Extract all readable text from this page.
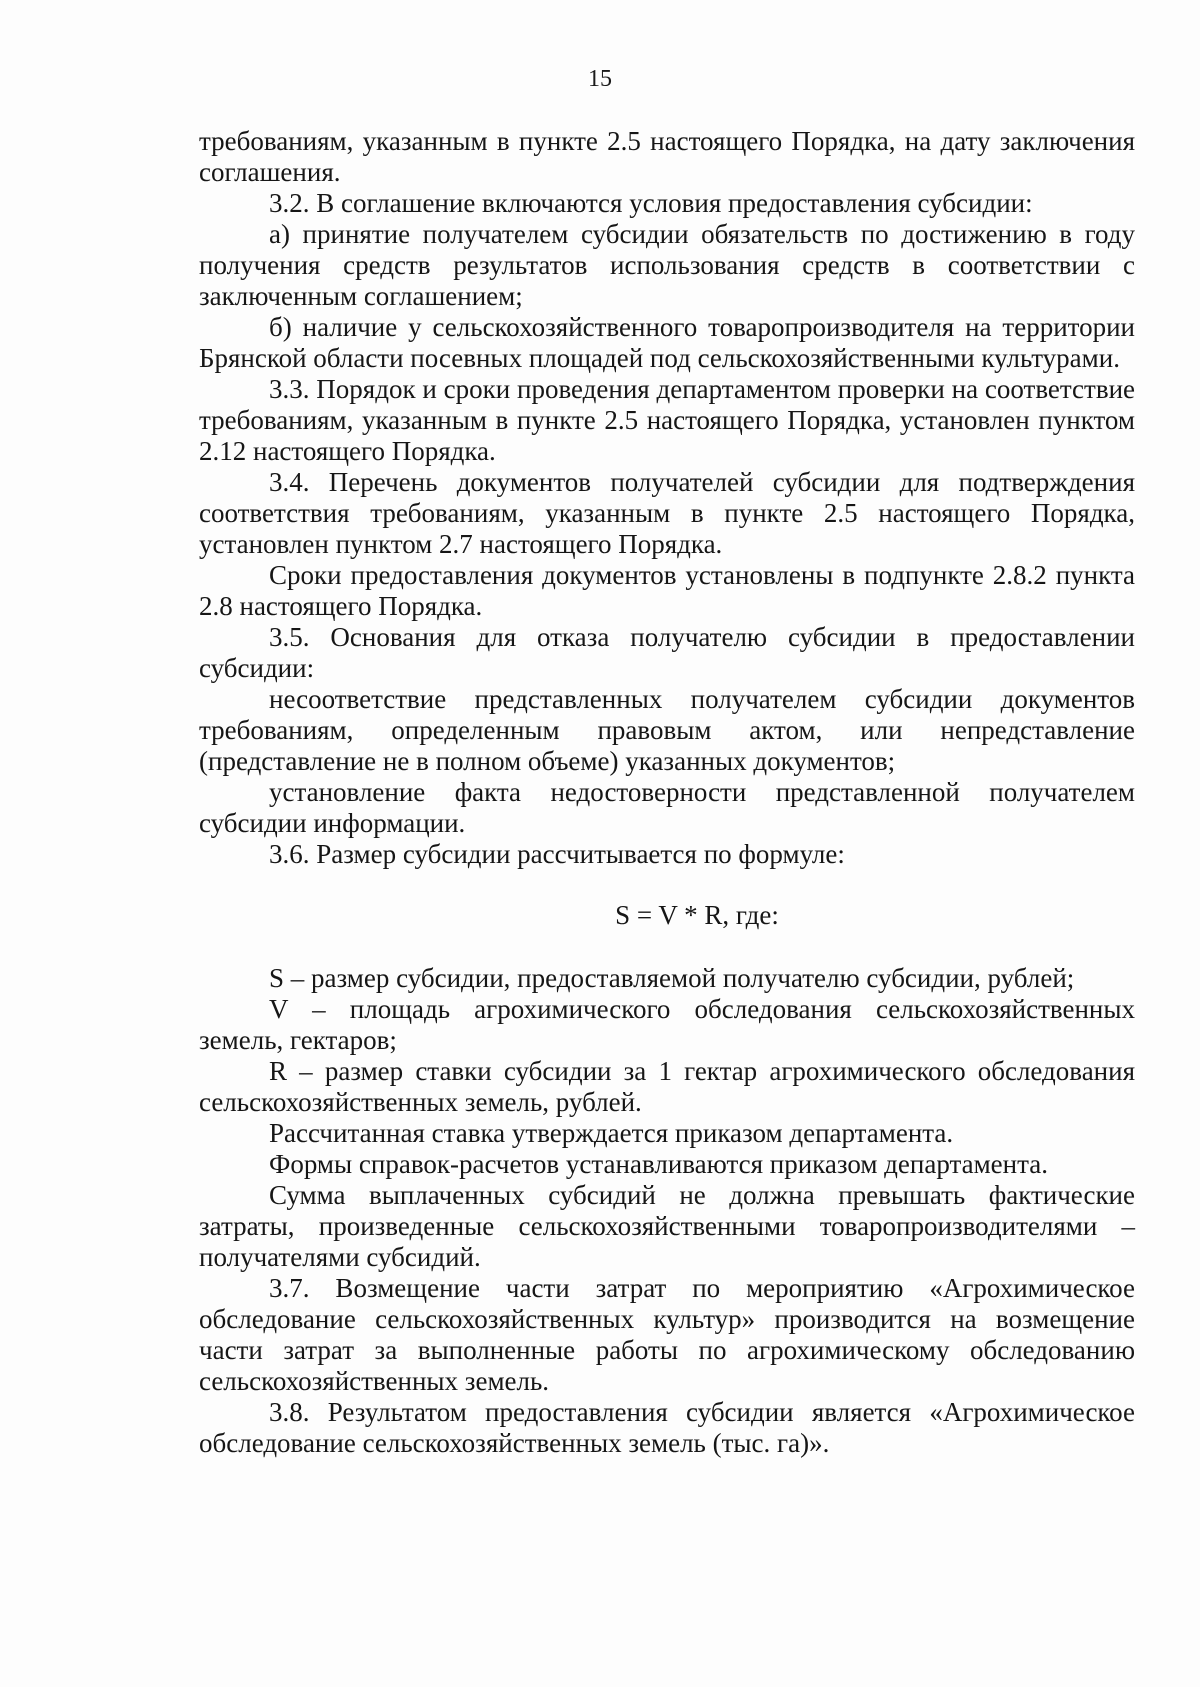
15

требованиям, указанным в пункте 2.5 настоящего Порядка, на дату заключения соглашения.

3.2. В соглашение включаются условия предоставления субсидии:

а) принятие получателем субсидии обязательств по достижению в году получения средств результатов использования средств в соответствии с заключенным соглашением;

б) наличие у сельскохозяйственного товаропроизводителя на территории Брянской области посевных площадей под сельскохозяйственными культурами.

3.3. Порядок и сроки проведения департаментом проверки на соответствие требованиям, указанным в пункте 2.5 настоящего Порядка, установлен пунктом 2.12 настоящего Порядка.

3.4. Перечень документов получателей субсидии для подтверждения соответствия требованиям, указанным в пункте 2.5 настоящего Порядка, установлен пунктом 2.7 настоящего Порядка.

Сроки предоставления документов установлены в подпункте 2.8.2 пункта 2.8 настоящего Порядка.

3.5. Основания для отказа получателю субсидии в предоставлении субсидии:

несоответствие представленных получателем субсидии документов требованиям, определенным правовым актом, или непредставление (представление не в полном объеме) указанных документов;

установление факта недостоверности представленной получателем субсидии информации.

3.6. Размер субсидии рассчитывается по формуле:

S = V * R, где:

S – размер субсидии, предоставляемой получателю субсидии, рублей;

V – площадь агрохимического обследования сельскохозяйственных земель, гектаров;

R – размер ставки субсидии за 1 гектар агрохимического обследования сельскохозяйственных земель, рублей.

Рассчитанная ставка утверждается приказом департамента.

Формы справок-расчетов устанавливаются приказом департамента.

Сумма выплаченных субсидий не должна превышать фактические затраты, произведенные сельскохозяйственными товаропроизводителями – получателями субсидий.

3.7. Возмещение части затрат по мероприятию «Агрохимическое обследование сельскохозяйственных культур» производится на возмещение части затрат за выполненные работы по агрохимическому обследованию сельскохозяйственных земель.

3.8. Результатом предоставления субсидии является «Агрохимическое обследование сельскохозяйственных земель (тыс. га)».
